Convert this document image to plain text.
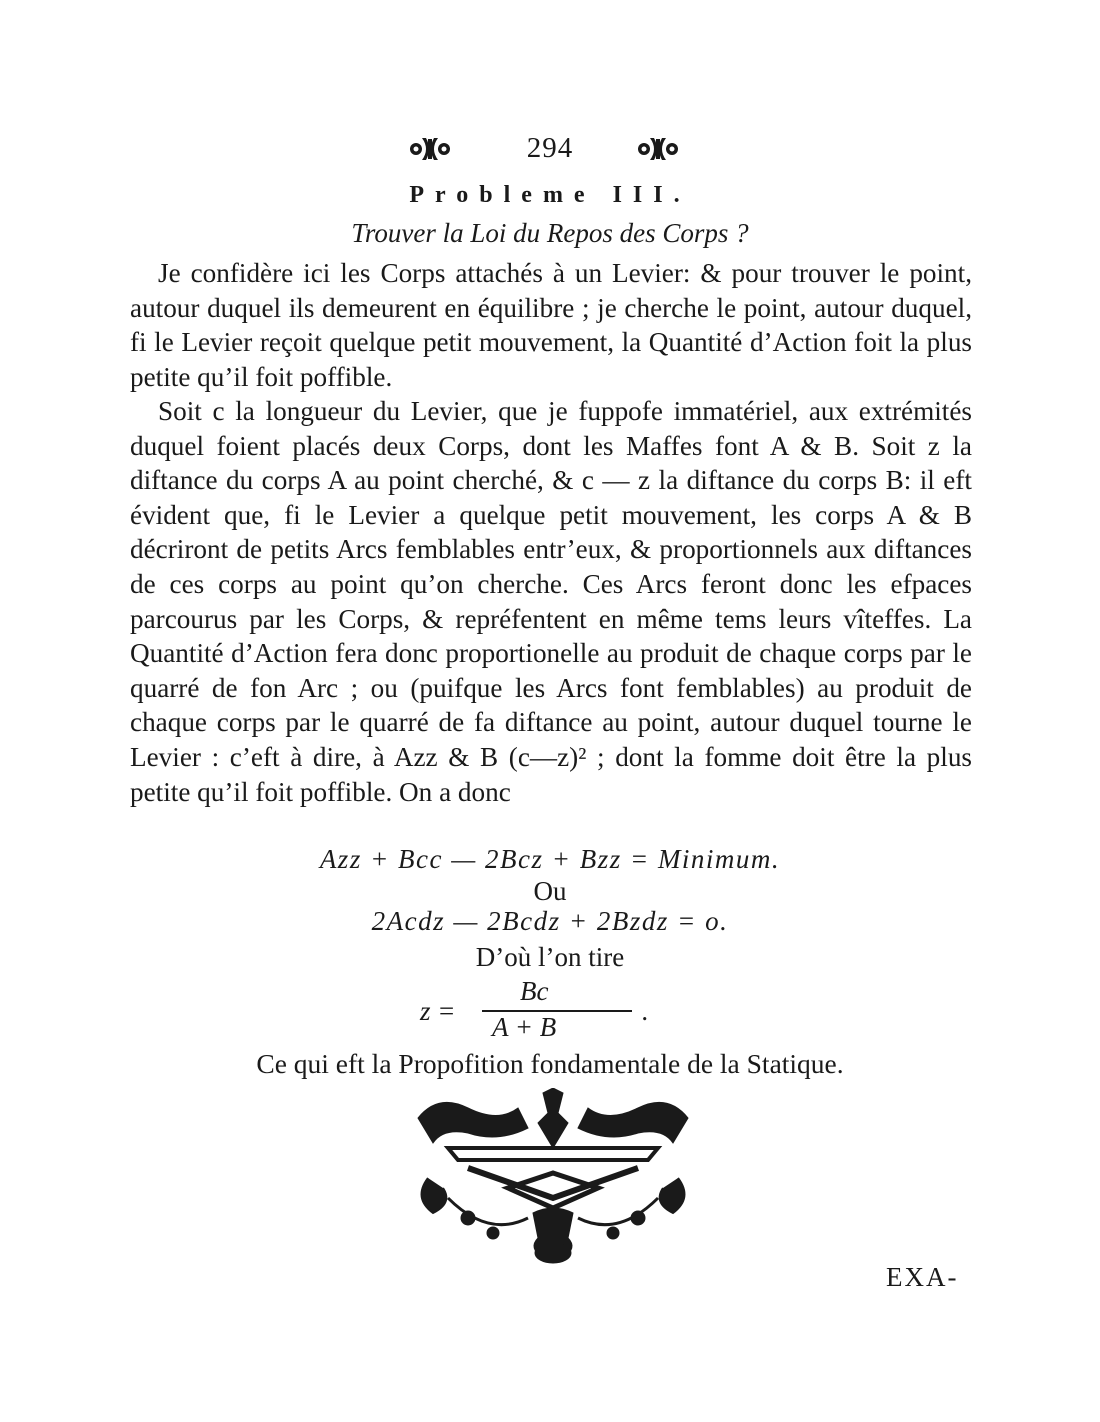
294
Probleme III.
Trouver la Loi du Repos des Corps ?

Je confidère ici les Corps attachés à un Levier: & pour trouver le point, autour duquel ils demeurent en équilibre ; je cherche le point, autour duquel, fi le Levier reçoit quelque petit mouvement, la Quantité d’Action foit la plus petite qu’il foit poffible.

Soit c la longueur du Levier, que je fuppofe immatériel, aux extrémités duquel foient placés deux Corps, dont les Maffes font A & B. Soit z la diftance du corps A au point cherché, & c — z la diftance du corps B: il eft évident que, fi le Levier a quelque petit mouvement, les corps A & B décriront de petits Arcs femblables entr’eux, & proportionnels aux diftances de ces corps au point qu’on cherche. Ces Arcs feront donc les efpaces parcourus par les Corps, & repréfentent en même tems leurs vîteffes. La Quantité d’Action fera donc proportionelle au produit de chaque corps par le quarré de fon Arc ; ou (puifque les Arcs font femblables) au produit de chaque corps par le quarré de fa diftance au point, autour duquel tourne le Levier : c’eft à dire, à Azz & B (c—z)² ; dont la fomme doit être la plus petite qu’il foit poffible. On a donc

Azz + Bcc — 2Bcz + Bzz = Minimum.
Ou
2Acdz — 2Bcdz + 2Bzdz = o.
D’où l’on tire
z =
Bc
A + B
.
Ce qui eft la Propofition fondamentale de la Statique.
EXA-
